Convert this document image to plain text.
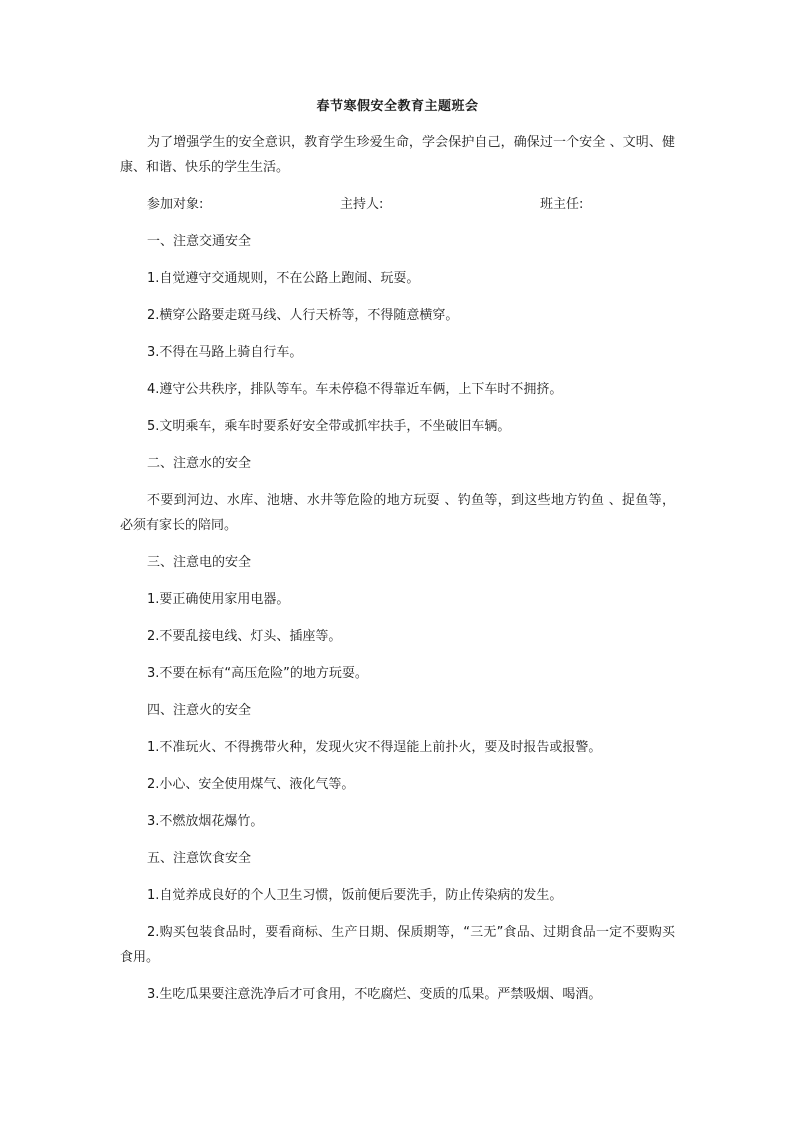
春节寒假安全教育主题班会

为了增强学生的安全意识，教育学生珍爱生命，学会保护自己，确保过一个安全 、文明、健康、和谐、快乐的学生生活。

参加对象:	主持人:	班主任:

一、注意交通安全

1.自觉遵守交通规则，不在公路上跑闹、玩耍。

2.横穿公路要走斑马线、人行天桥等，不得随意横穿。

3.不得在马路上骑自行车。

4.遵守公共秩序，排队等车。车未停稳不得靠近车俩，上下车时不拥挤。

5.文明乘车，乘车时要系好安全带或抓牢扶手，不坐破旧车辆。

二、注意水的安全

不要到河边、水库、池塘、水井等危险的地方玩耍 、钓鱼等，到这些地方钓鱼 、捉鱼等，必须有家长的陪同。

三、注意电的安全

1.要正确使用家用电器。

2.不要乱接电线、灯头、插座等。

3.不要在标有“高压危险”的地方玩耍。

四、注意火的安全

1.不准玩火、不得携带火种，发现火灾不得逞能上前扑火，要及时报告或报警。

2.小心、安全使用煤气、液化气等。

3.不燃放烟花爆竹。

五、注意饮食安全

1.自觉养成良好的个人卫生习惯，饭前便后要洗手，防止传染病的发生。

2.购买包装食品时，要看商标、生产日期、保质期等，“三无”食品、过期食品一定不要购买食用。

3.生吃瓜果要注意洗净后才可食用，不吃腐烂、变质的瓜果。严禁吸烟、喝酒。
